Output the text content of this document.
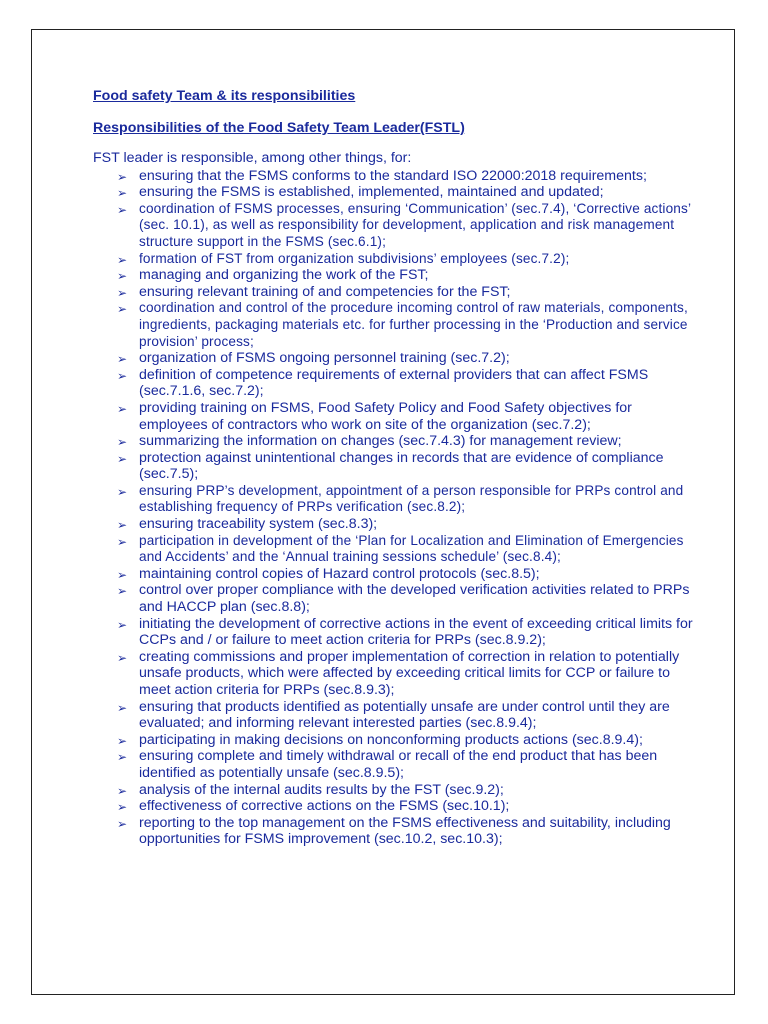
Food safety Team & its responsibilities

Responsibilities of the Food Safety Team Leader(FSTL)

FST leader is responsible, among other things, for:

➢ ensuring that the FSMS conforms to the standard ISO 22000:2018 requirements;
➢ ensuring the FSMS is established, implemented, maintained and updated;
➢ coordination of FSMS processes, ensuring ‘Communication’ (sec.7.4), ‘Corrective actions’ (sec. 10.1), as well as responsibility for development, application and risk management structure support in the FSMS (sec.6.1);
➢ formation of FST from organization subdivisions’ employees (sec.7.2);
➢ managing and organizing the work of the FST;
➢ ensuring relevant training of and competencies for the FST;
➢ coordination and control of the procedure incoming control of raw materials, components, ingredients, packaging materials etc. for further processing in the ‘Production and service provision’ process;
➢ organization of FSMS ongoing personnel training (sec.7.2);
➢ definition of competence requirements of external providers that can affect FSMS (sec.7.1.6, sec.7.2);
➢ providing training on FSMS, Food Safety Policy and Food Safety objectives for employees of contractors who work on site of the organization (sec.7.2);
➢ summarizing the information on changes (sec.7.4.3) for management review;
➢ protection against unintentional changes in records that are evidence of compliance (sec.7.5);
➢ ensuring PRP’s development, appointment of a person responsible for PRPs control and establishing frequency of PRPs verification (sec.8.2);
➢ ensuring traceability system (sec.8.3);
➢ participation in development of the ‘Plan for Localization and Elimination of Emergencies and Accidents’ and the ‘Annual training sessions schedule’ (sec.8.4);
➢ maintaining control copies of Hazard control protocols (sec.8.5);
➢ control over proper compliance with the developed verification activities related to PRPs and HACCP plan (sec.8.8);
➢ initiating the development of corrective actions in the event of exceeding critical limits for CCPs and / or failure to meet action criteria for PRPs (sec.8.9.2);
➢ creating commissions and proper implementation of correction in relation to potentially unsafe products, which were affected by exceeding critical limits for CCP or failure to meet action criteria for PRPs (sec.8.9.3);
➢ ensuring that products identified as potentially unsafe are under control until they are evaluated; and informing relevant interested parties (sec.8.9.4);
➢ participating in making decisions on nonconforming products actions (sec.8.9.4);
➢ ensuring complete and timely withdrawal or recall of the end product that has been identified as potentially unsafe (sec.8.9.5);
➢ analysis of the internal audits results by the FST (sec.9.2);
➢ effectiveness of corrective actions on the FSMS (sec.10.1);
➢ reporting to the top management on the FSMS effectiveness and suitability, including opportunities for FSMS improvement (sec.10.2, sec.10.3);
